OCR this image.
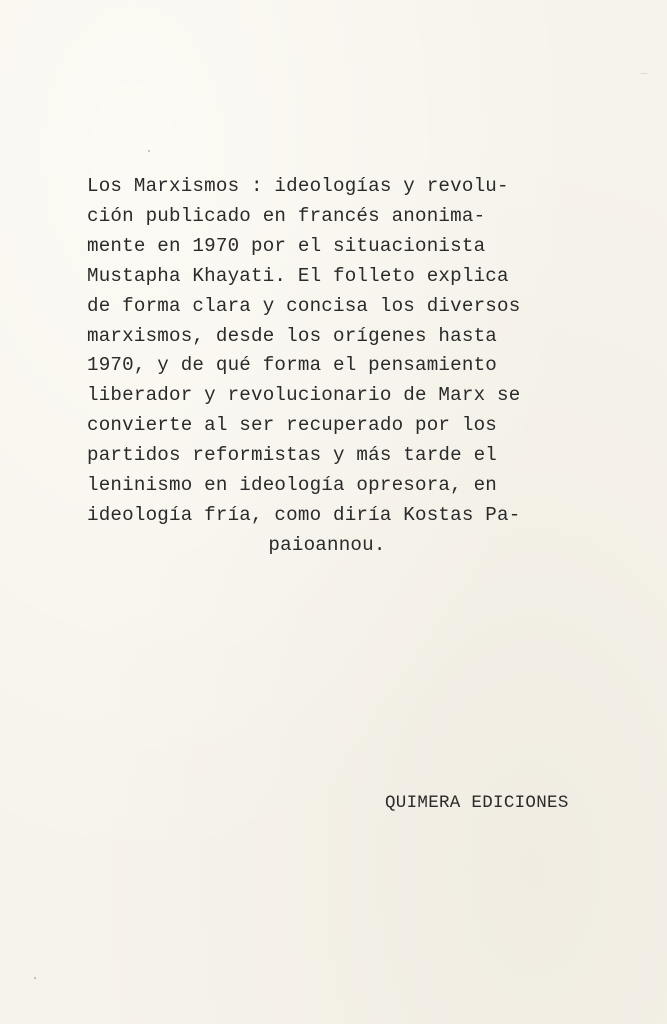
Los Marxismos : ideologías y revolu-
ción publicado en francés anonima-
mente en 1970 por el situacionista
Mustapha Khayati. El folleto explica
de forma clara y concisa los diversos
marxismos, desde los orígenes hasta
1970, y de qué forma el pensamiento
liberador y revolucionario de Marx se
convierte al ser recuperado por los
partidos reformistas y más tarde el
leninismo en ideología opresora, en
ideología fría, como diría Kostas Pa-
paioannou.
QUIMERA EDICIONES
